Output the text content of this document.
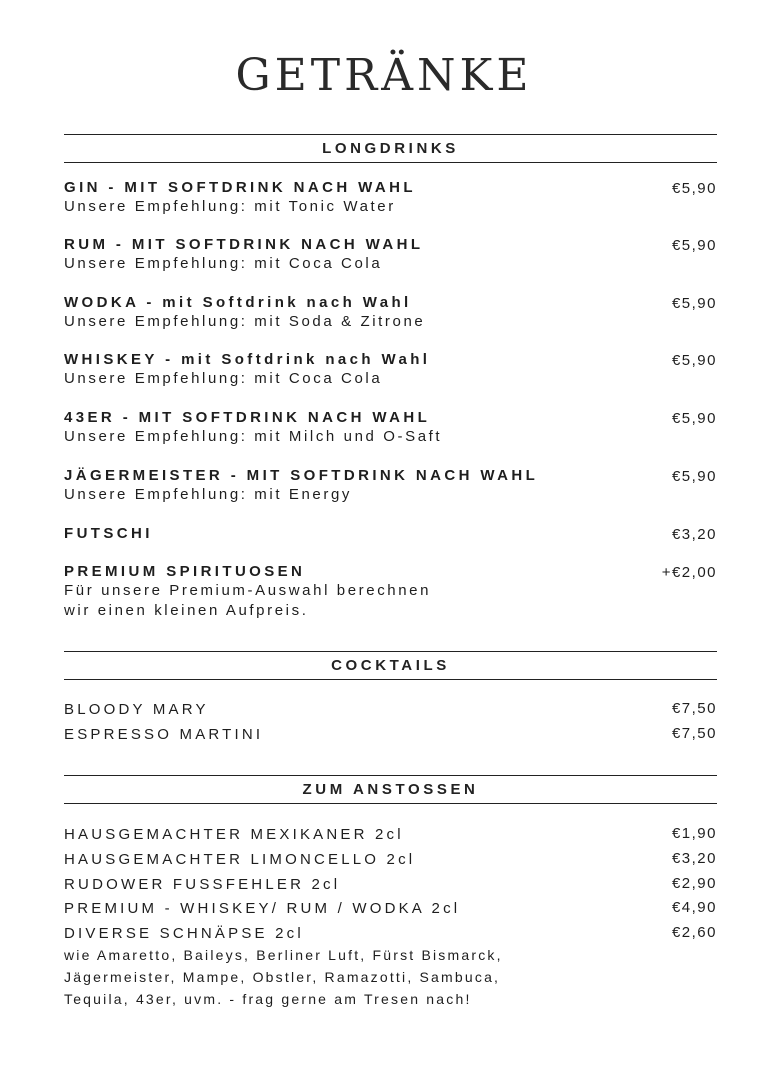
GETRÄNKE
LONGDRINKS
GIN - MIT SOFTDRINK NACH WAHL
Unsere Empfehlung: mit Tonic Water
€5,90
RUM - MIT SOFTDRINK NACH WAHL
Unsere Empfehlung: mit Coca Cola
€5,90
WODKA - mit Softdrink nach Wahl
Unsere Empfehlung: mit Soda & Zitrone
€5,90
WHISKEY - mit Softdrink nach Wahl
Unsere Empfehlung: mit Coca Cola
€5,90
43ER - MIT SOFTDRINK NACH WAHL
Unsere Empfehlung: mit Milch und O-Saft
€5,90
JÄGERMEISTER - MIT SOFTDRINK NACH WAHL
Unsere Empfehlung: mit Energy
€5,90
FUTSCHI	€3,20
PREMIUM SPIRITUOSEN
Für unsere Premium-Auswahl berechnen
wir einen kleinen Aufpreis.
+€2,00
COCKTAILS
BLOODY MARY	€7,50
ESPRESSO MARTINI	€7,50
ZUM ANSTOSSEN
HAUSGEMACHTER MEXIKANER 2cl	€1,90
HAUSGEMACHTER LIMONCELLO 2cl	€3,20
RUDOWER FUSSFEHLER 2cl	€2,90
PREMIUM - WHISKEY/ RUM / WODKA 2cl	€4,90
DIVERSE SCHNÄPSE 2cl	€2,60
wie Amaretto, Baileys, Berliner Luft, Fürst Bismarck,
Jägermeister, Mampe, Obstler, Ramazotti, Sambuca,
Tequila, 43er, uvm. - frag gerne am Tresen nach!
